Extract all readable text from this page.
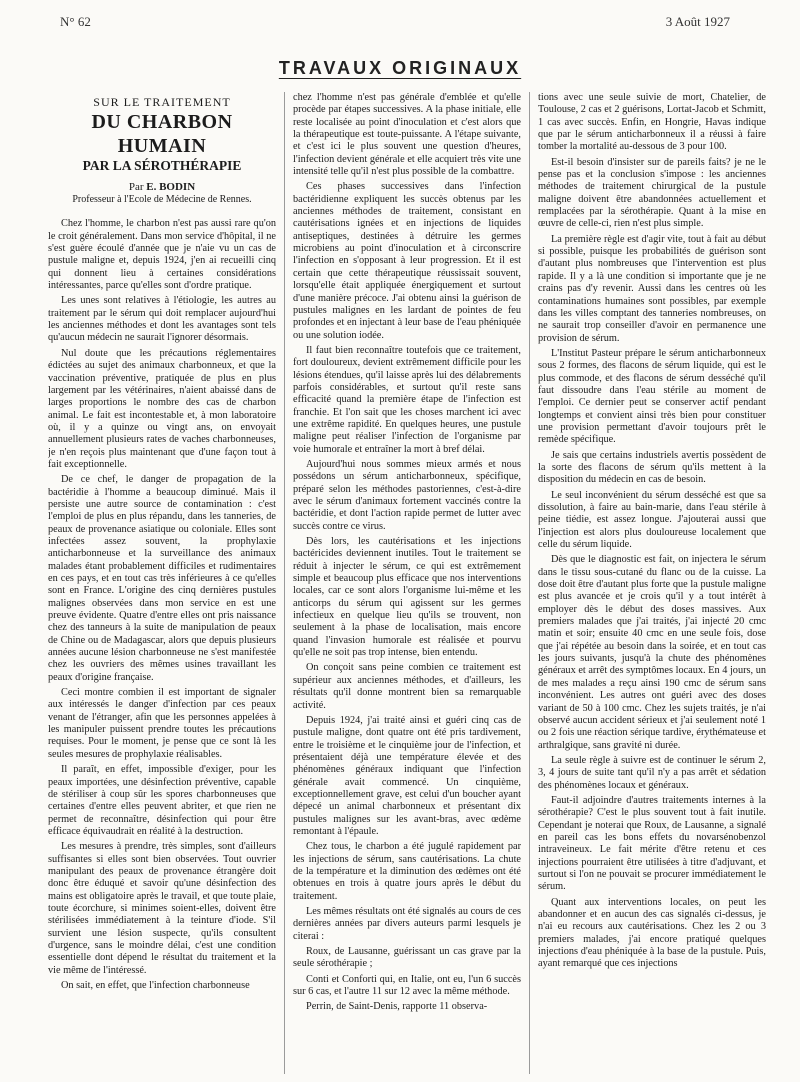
N° 62	3 Août 1927
TRAVAUX ORIGINAUX
SUR LE TRAITEMENT
DU CHARBON HUMAIN
PAR LA SÉROTHÉRAPIE
Par E. BODIN
Professeur à l'Ecole de Médecine de Rennes.

Chez l'homme, le charbon n'est pas aussi rare qu'on le croit généralement. Dans mon service d'hôpital, il ne s'est guère écoulé d'année que je n'aie vu un cas de pustule maligne et, depuis 1924, j'en ai recueilli cinq qui donnent lieu à certaines considérations intéressantes, parce qu'elles sont d'ordre pratique.

Les unes sont relatives à l'étiologie, les autres au traitement par le sérum qui doit remplacer aujourd'hui les anciennes méthodes et dont les avantages sont tels qu'aucun médecin ne saurait l'ignorer désormais.

Nul doute que les précautions réglementaires édictées au sujet des animaux charbonneux, et que la vaccination préventive, pratiquée de plus en plus largement par les vétérinaires, n'aient abaissé dans de larges proportions le nombre des cas de charbon animal. Le fait est incontestable et, à mon laboratoire où, il y a quinze ou vingt ans, on envoyait annuellement plusieurs rates de vaches charbonneuses, je n'en reçois plus maintenant que d'une façon tout à fait exceptionnelle.

De ce chef, le danger de propagation de la bactéridie à l'homme a beaucoup diminué. Mais il persiste une autre source de contamination : c'est l'emploi de plus en plus répandu, dans les tanneries, de peaux de provenance asiatique ou coloniale. Elles sont infectées assez souvent, la prophylaxie anticharbonneuse et la surveillance des animaux malades étant probablement difficiles et rudimentaires en ces pays, et en tout cas très inférieures à ce qu'elles sont en France. L'origine des cinq dernières pustules malignes observées dans mon service en est une preuve évidente. Quatre d'entre elles ont pris naissance chez des tanneurs à la suite de manipulation de peaux de Chine ou de Madagascar, alors que depuis plusieurs années aucune lésion charbonneuse ne s'est manifestée chez les ouvriers des mêmes usines travaillant les peaux d'origine française.

Ceci montre combien il est important de signaler aux intéressés le danger d'infection par ces peaux venant de l'étranger, afin que les personnes appelées à les manipuler puissent prendre toutes les précautions requises. Pour le moment, je pense que ce sont là les seules mesures de prophylaxie réalisables.

Il paraît, en effet, impossible d'exiger, pour les peaux importées, une désinfection préventive, capable de stériliser à coup sûr les spores charbonneuses que certaines d'entre elles peuvent abriter, et que rien ne permet de reconnaître, désinfection qui pour être efficace équivaudrait en réalité à la destruction.

Les mesures à prendre, très simples, sont d'ailleurs suffisantes si elles sont bien observées. Tout ouvrier manipulant des peaux de provenance étrangère doit donc être éduqué et savoir qu'une désinfection des mains est obligatoire après le travail, et que toute plaie, toute écorchure, si minimes soient-elles, doivent être stérilisées immédiatement à la teinture d'iode. S'il survient une lésion suspecte, qu'ils consultent d'urgence, sans le moindre délai, c'est une condition essentielle dont dépend le résultat du traitement et la vie même de l'intéressé.

On sait, en effet, que l'infection charbonneuse

chez l'homme n'est pas générale d'emblée et qu'elle procède par étapes successives. A la phase initiale, elle reste localisée au point d'inoculation et c'est alors que la thérapeutique est toute-puissante. A l'étape suivante, et c'est ici le plus souvent une question d'heures, l'infection devient générale et elle acquiert très vite une intensité telle qu'il n'est plus possible de la combattre.

Ces phases successives dans l'infection bactéridienne expliquent les succès obtenus par les anciennes méthodes de traitement, consistant en cautérisations ignées et en injections de liquides antiseptiques, destinées à détruire les germes microbiens au point d'inoculation et à circonscrire l'infection en s'opposant à leur progression. Et il est certain que cette thérapeutique réussissait souvent, lorsqu'elle était appliquée énergiquement et surtout d'une manière précoce. J'ai obtenu ainsi la guérison de pustules malignes en les lardant de pointes de feu profondes et en injectant à leur base de l'eau phéniquée ou une solution iodée.

Il faut bien reconnaître toutefois que ce traitement, fort douloureux, devient extrêmement difficile pour les lésions étendues, qu'il laisse après lui des délabrements parfois considérables, et surtout qu'il reste sans efficacité quand la première étape de l'infection est franchie. Et l'on sait que les choses marchent ici avec une extrême rapidité. En quelques heures, une pustule maligne peut réaliser l'infection de l'organisme par voie humorale et entraîner la mort à bref délai.

Aujourd'hui nous sommes mieux armés et nous possédons un sérum anticharbonneux, spécifique, préparé selon les méthodes pastoriennes, c'est-à-dire avec le sérum d'animaux fortement vaccinés contre la bactéridie, et dont l'action rapide permet de lutter avec succès contre ce virus.

Dès lors, les cautérisations et les injections bactéricides deviennent inutiles. Tout le traitement se réduit à injecter le sérum, ce qui est extrêmement simple et beaucoup plus efficace que nos interventions locales, car ce sont alors l'organisme lui-même et les anticorps du sérum qui agissent sur les germes infectieux en quelque lieu qu'ils se trouvent, non seulement à la phase de localisation, mais encore quand l'invasion humorale est réalisée et pourvu qu'elle ne soit pas trop intense, bien entendu.

On conçoit sans peine combien ce traitement est supérieur aux anciennes méthodes, et d'ailleurs, les résultats qu'il donne montrent bien sa remarquable activité.

Depuis 1924, j'ai traité ainsi et guéri cinq cas de pustule maligne, dont quatre ont été pris tardivement, entre le troisième et le cinquième jour de l'infection, et présentaient déjà une température élevée et des phénomènes généraux indiquant que l'infection générale avait commencé. Un cinquième, exceptionnellement grave, est celui d'un boucher ayant dépecé un animal charbonneux et présentant dix pustules malignes sur les avant-bras, avec œdème remontant à l'épaule.

Chez tous, le charbon a été jugulé rapidement par les injections de sérum, sans cautérisations. La chute de la température et la diminution des œdèmes ont été obtenues en trois à quatre jours après le début du traitement.

Les mêmes résultats ont été signalés au cours de ces dernières années par divers auteurs parmi lesquels je citerai :

Roux, de Lausanne, guérissant un cas grave par la seule sérothérapie ;

Conti et Conforti qui, en Italie, ont eu, l'un 6 succès sur 6 cas, et l'autre 11 sur 12 avec la même méthode.

Perrin, de Saint-Denis, rapporte 11 observa-

tions avec une seule suivie de mort, Chatelier, de Toulouse, 2 cas et 2 guérisons, Lortat-Jacob et Schmitt, 1 cas avec succès. Enfin, en Hongrie, Havas indique que par le sérum anticharbonneux il a réussi à faire tomber la mortalité au-dessous de 3 pour 100.

Est-il besoin d'insister sur de pareils faits? je ne le pense pas et la conclusion s'impose : les anciennes méthodes de traitement chirurgical de la pustule maligne doivent être abandonnées actuellement et remplacées par la sérothérapie. Quant à la mise en œuvre de celle-ci, rien n'est plus simple.

La première règle est d'agir vite, tout à fait au début si possible, puisque les probabilités de guérison sont d'autant plus nombreuses que l'intervention est plus rapide. Il y a là une condition si importante que je ne crains pas d'y revenir. Aussi dans les centres où les contaminations humaines sont possibles, par exemple dans les villes comptant des tanneries nombreuses, on ne saurait trop conseiller d'avoir en permanence une provision de sérum.

L'Institut Pasteur prépare le sérum anticharbonneux sous 2 formes, des flacons de sérum liquide, qui est le plus commode, et des flacons de sérum desséché qu'il faut dissoudre dans l'eau stérile au moment de l'emploi. Ce dernier peut se conserver actif pendant longtemps et convient ainsi très bien pour constituer une provision permettant d'avoir toujours prêt le remède spécifique.

Je sais que certains industriels avertis possèdent de la sorte des flacons de sérum qu'ils mettent à la disposition du médecin en cas de besoin.

Le seul inconvénient du sérum desséché est que sa dissolution, à faire au bain-marie, dans l'eau stérile à peine tiédie, est assez longue. J'ajouterai aussi que l'injection est alors plus douloureuse localement que celle du sérum liquide.

Dès que le diagnostic est fait, on injectera le sérum dans le tissu sous-cutané du flanc ou de la cuisse. La dose doit être d'autant plus forte que la pustule maligne est plus avancée et je crois qu'il y a tout intérêt à employer dès le début des doses massives. Aux premiers malades que j'ai traités, j'ai injecté 20 cmc matin et soir; ensuite 40 cmc en une seule fois, dose que j'ai répétée au besoin dans la soirée, et en tout cas les jours suivants, jusqu'à la chute des phénomènes généraux et arrêt des symptômes locaux. En 4 jours, un de mes malades a reçu ainsi 190 cmc de sérum sans inconvénient. Les autres ont guéri avec des doses variant de 50 à 100 cmc. Chez les sujets traités, je n'ai observé aucun accident sérieux et j'ai seulement noté 1 ou 2 fois une réaction sérique tardive, érythémateuse et arthralgique, sans gravité ni durée.

La seule règle à suivre est de continuer le sérum 2, 3, 4 jours de suite tant qu'il n'y a pas arrêt et sédation des phénomènes locaux et généraux.

Faut-il adjoindre d'autres traitements internes à la sérothérapie? C'est le plus souvent tout à fait inutile. Cependant je noterai que Roux, de Lausanne, a signalé en pareil cas les bons effets du novarsénobenzol intraveineux. Le fait mérite d'être retenu et ces injections pourraient être utilisées à titre d'adjuvant, et surtout si l'on ne pouvait se procurer immédiatement le sérum.

Quant aux interventions locales, on peut les abandonner et en aucun des cas signalés ci-dessus, je n'ai eu recours aux cautérisations. Chez les 2 ou 3 premiers malades, j'ai encore pratiqué quelques injections d'eau phéniquée à la base de la pustule. Puis, ayant remarqué que ces injections
